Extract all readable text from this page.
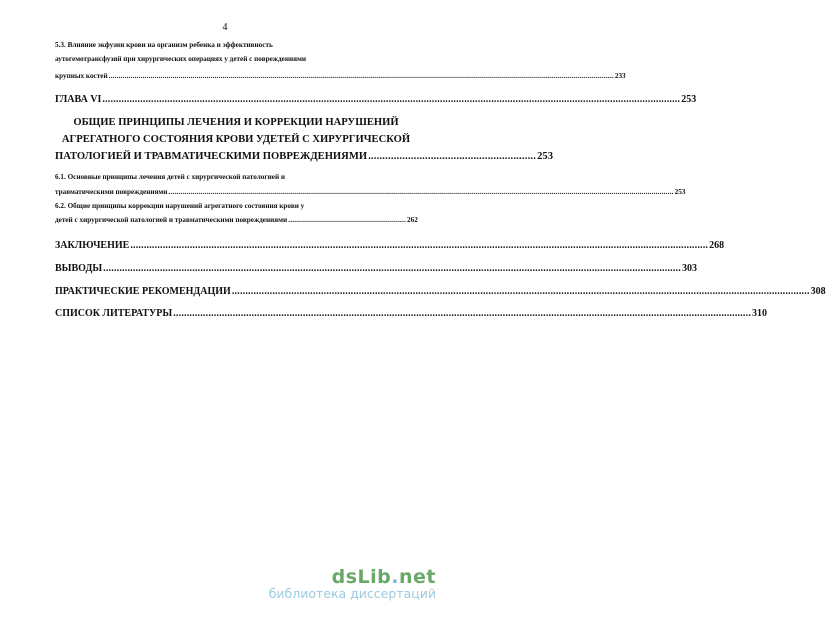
4
5.3. Влияние экфузии крови на организм ребенка и эффективность
аутогемотрансфузий при хирургических операциях у детей с повреждениями
крупных костей ............................................................................................................................................................................................................................................................. 233
ГЛАВА VI ...................................................................................................................................................................................................................... 253
ОБЩИЕ ПРИНЦИПЫ ЛЕЧЕНИЯ И КОРРЕКЦИИ НАРУШЕНИЙ
АГРЕГАТНОГО СОСТОЯНИЯ КРОВИ УДЕТЕЙ С ХИРУРГИЧЕСКОЙ
ПАТОЛОГИЕЙ И ТРАВМАТИЧЕСКИМИ ПОВРЕЖДЕНИЯМИ ........................................................... 253
6.1. Основные принципы лечения детей с хирургической патологией и
травматическими повреждениями ............................................................................................................................................................................................................................................................. 253
6.2. Общие принципы коррекции нарушений агрегатного состояния крови у
детей с хирургической патологией и травматическими повреждениями ........................................................... 262
ЗАКЛЮЧЕНИЕ ...................................................................................................................................................................................................................... 268
ВЫВОДЫ ...................................................................................................................................................................................................................... 303
ПРАКТИЧЕСКИЕ РЕКОМЕНДАЦИИ ...................................................................................................................................................................................................................... 308
СПИСОК ЛИТЕРАТУРЫ ...................................................................................................................................................................................................................... 310
dsLib.net
библиотека диссертаций
